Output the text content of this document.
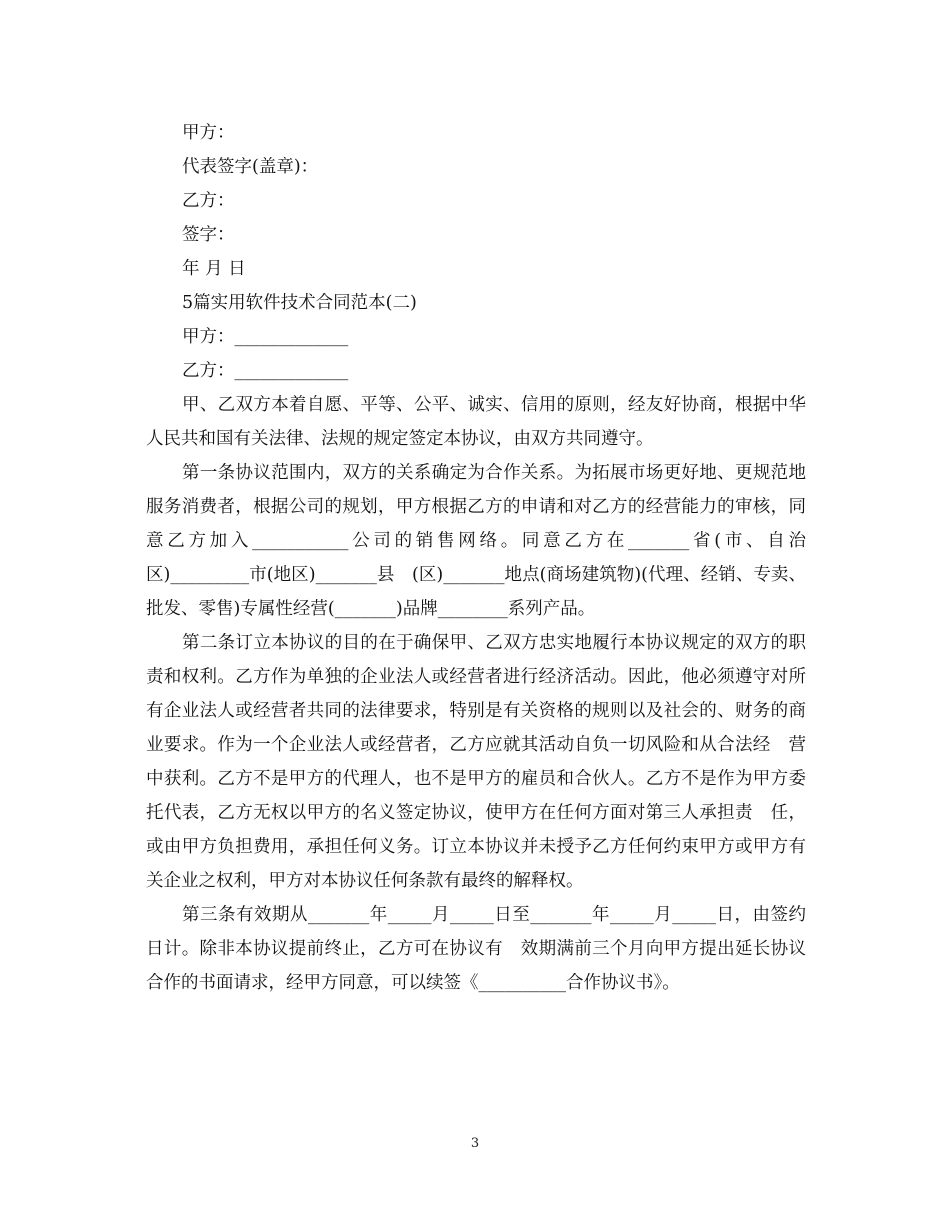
甲方：

代表签字(盖章)：

乙方：

签字：

年 月 日

5篇实用软件技术合同范本(二)

甲方：_____________

乙方：_____________

甲、乙双方本着自愿、平等、公平、诚实、信用的原则，经友好协商，根据中华人民共和国有关法律、法规的规定签定本协议，由双方共同遵守。

第一条协议范围内，双方的关系确定为合作关系。为拓展市场更好地、更规范地服务消费者，根据公司的规划，甲方根据乙方的申请和对乙方的经营能力的审核，同　意乙方加入___________公司的销售网络。同意乙方在_______省(市、自治区)_________市(地区)_______县　(区)_______地点(商场建筑物)(代理、经销、专卖、批发、零售)专属性经营(_______)品牌________系列产品。

第二条订立本协议的目的在于确保甲、乙双方忠实地履行本协议规定的双方的职责和权利。乙方作为单独的企业法人或经营者进行经济活动。因此，他必须遵守对所　有企业法人或经营者共同的法律要求，特别是有关资格的规则以及社会的、财务的商业要求。作为一个企业法人或经营者，乙方应就其活动自负一切风险和从合法经　营中获利。乙方不是甲方的代理人，也不是甲方的雇员和合伙人。乙方不是作为甲方委托代表，乙方无权以甲方的名义签定协议，使甲方在任何方面对第三人承担责　任，或由甲方负担费用，承担任何义务。订立本协议并未授予乙方任何约束甲方或甲方有关企业之权利，甲方对本协议任何条款有最终的解释权。

第三条有效期从_______年_____月_____日至_______年_____月_____日，由签约日计。除非本协议提前终止，乙方可在协议有　效期满前三个月向甲方提出延长协议合作的书面请求，经甲方同意，可以续签《__________合作协议书》。

3
